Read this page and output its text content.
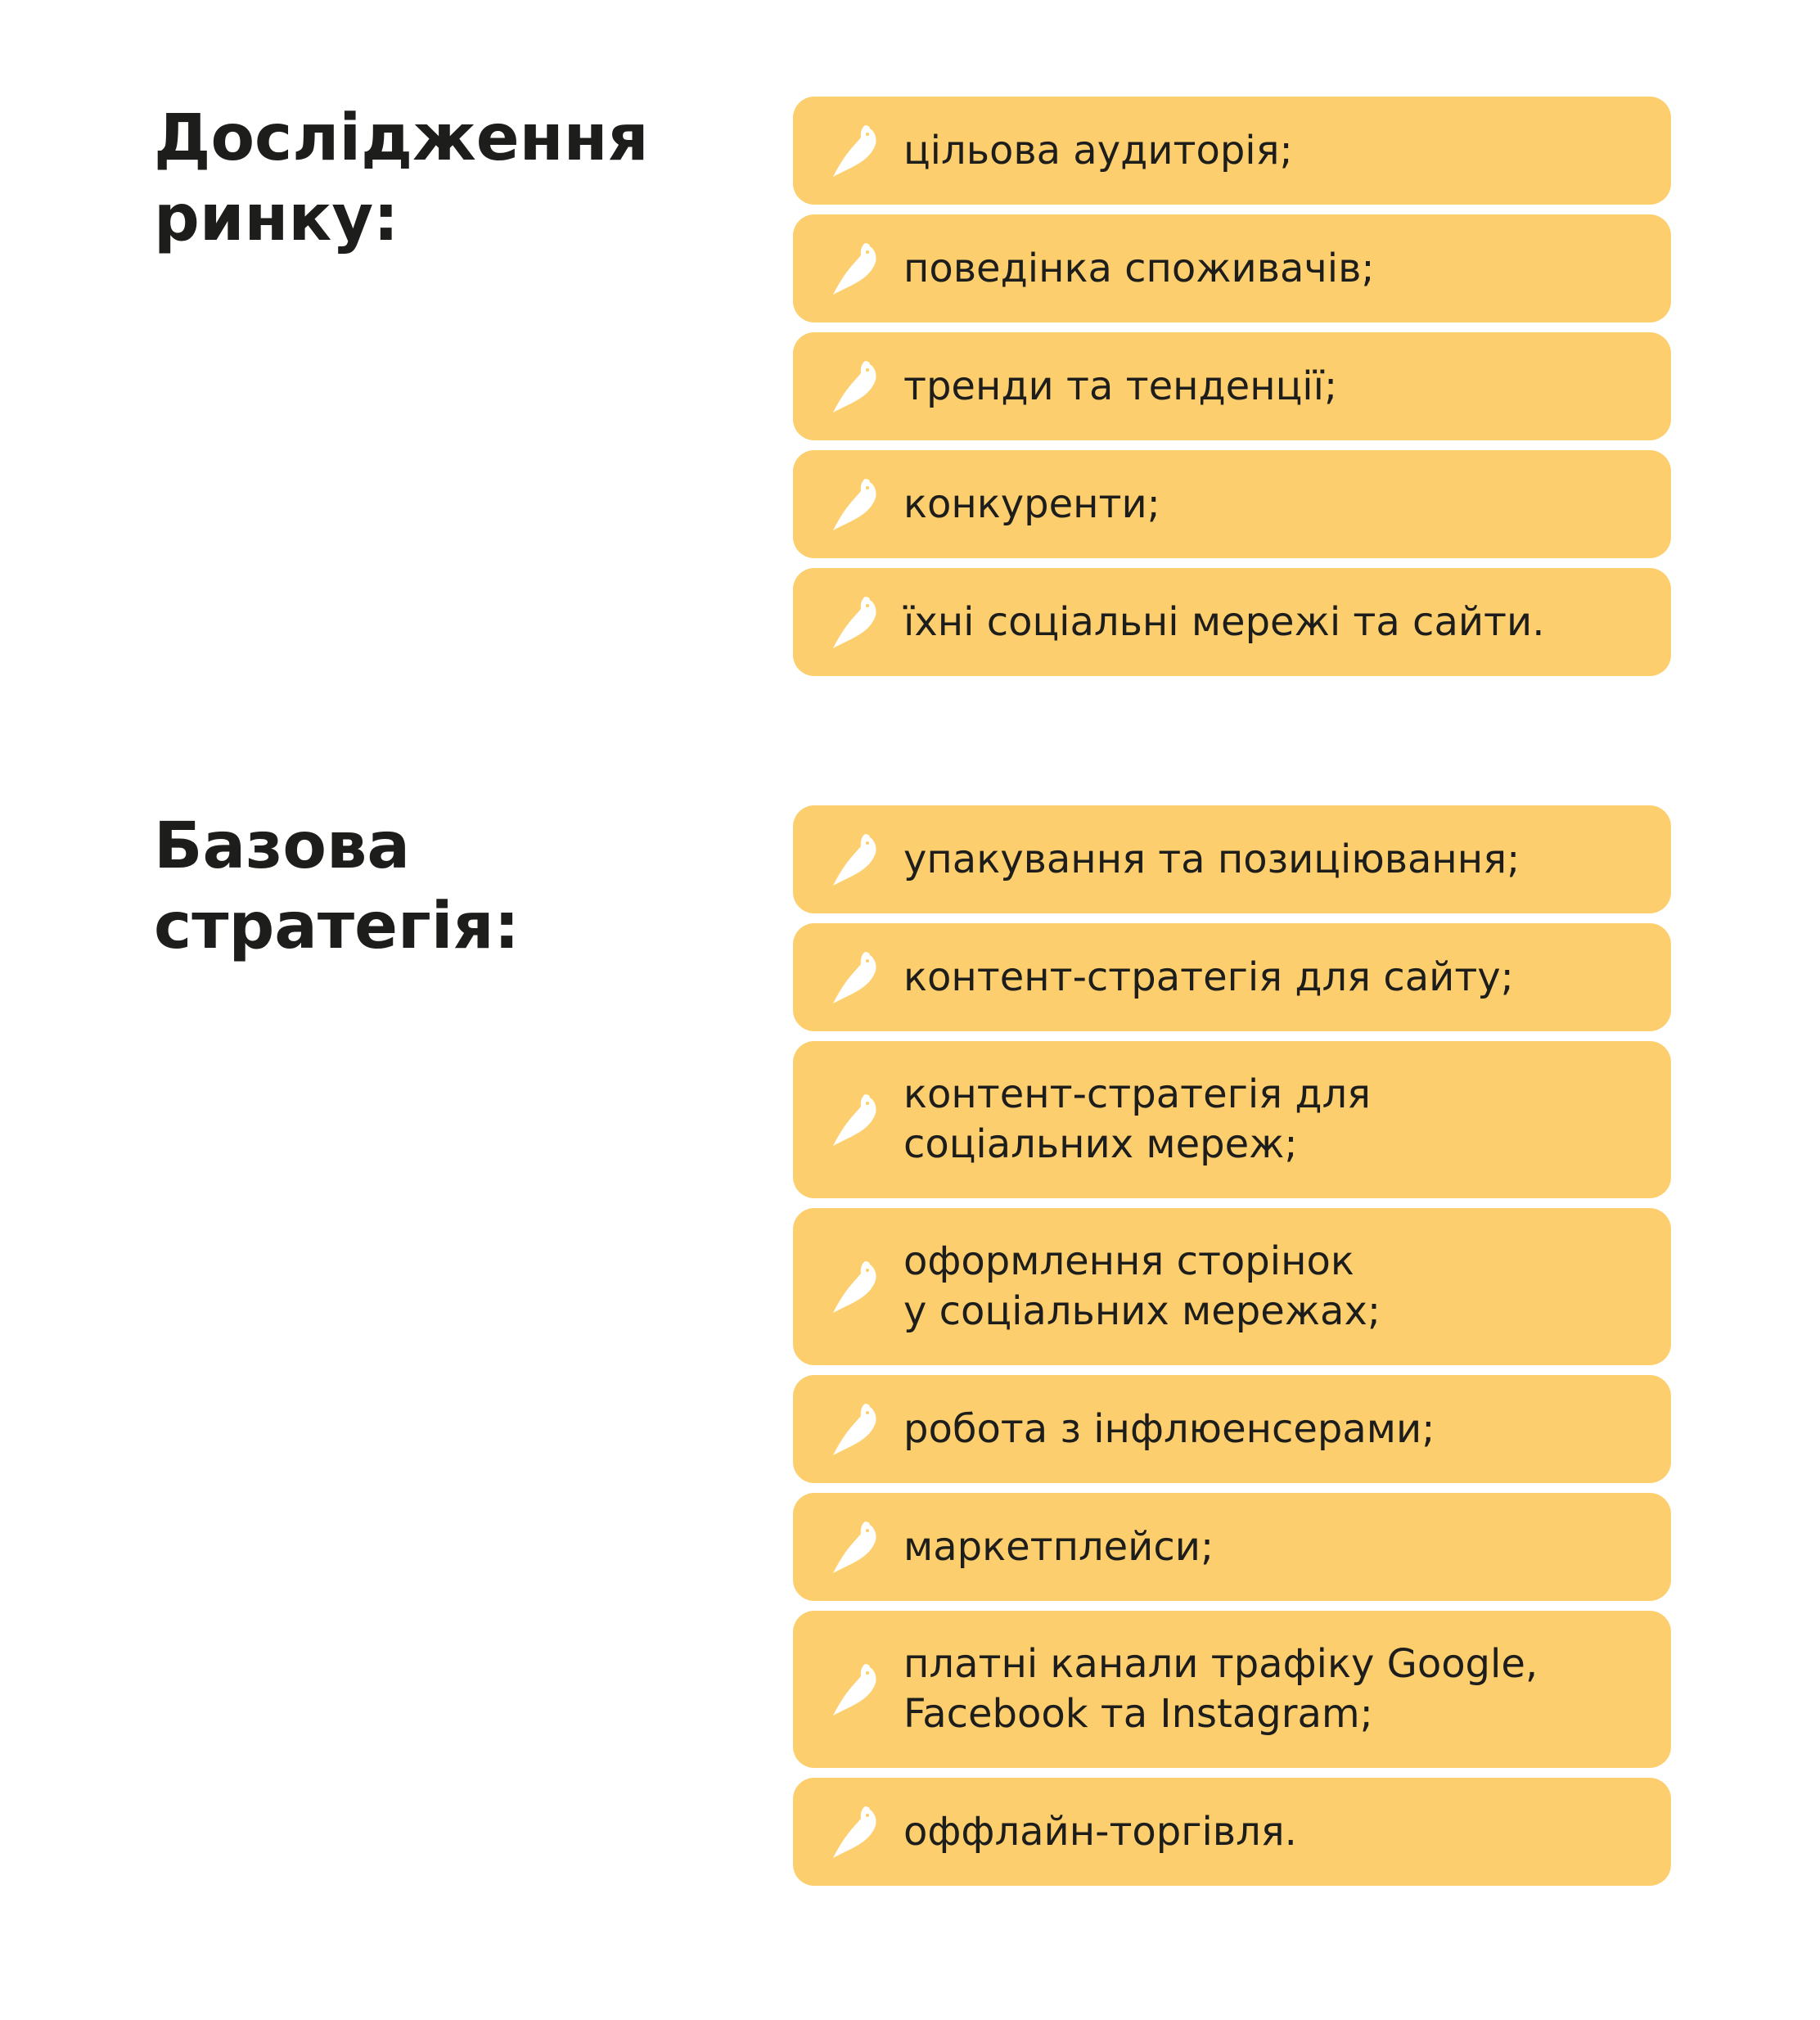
Дослідження
ринку:
цільова аудиторія;
поведінка споживачів;
тренди та тенденції;
конкуренти;
їхні соціальні мережі та сайти.
Базова
стратегія:
упакування та позиціювання;
контент-стратегія для сайту;
контент-стратегія для
соціальних мереж;
оформлення сторінок
у соціальних мережах;
робота з інфлюенсерами;
маркетплейси;
платні канали трафіку Google,
Facebook та Instagram;
оффлайн-торгівля.
